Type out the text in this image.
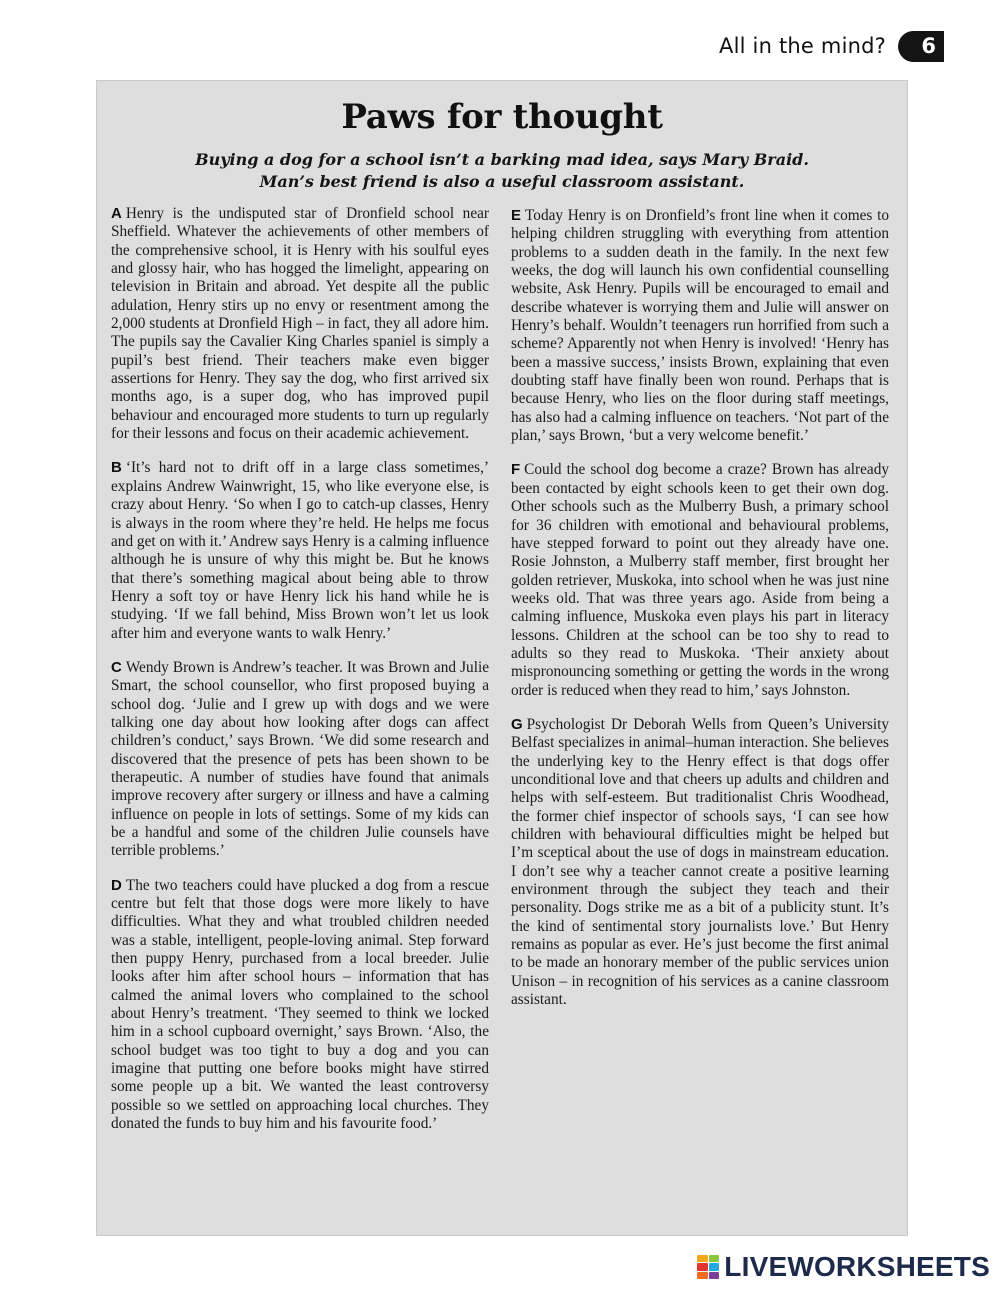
All in the mind?	6
Paws for thought
Buying a dog for a school isn’t a barking mad idea, says Mary Braid.
Man’s best friend is also a useful classroom assistant.

A Henry is the undisputed star of Dronfield school near Sheffield. Whatever the achievements of other members of the comprehensive school, it is Henry with his soulful eyes and glossy hair, who has hogged the limelight, appearing on television in Britain and abroad. Yet despite all the public adulation, Henry stirs up no envy or resentment among the 2,000 students at Dronfield High – in fact, they all adore him. The pupils say the Cavalier King Charles spaniel is simply a pupil’s best friend. Their teachers make even bigger assertions for Henry. They say the dog, who first arrived six months ago, is a super dog, who has improved pupil behaviour and encouraged more students to turn up regularly for their lessons and focus on their academic achievement.

B ‘It’s hard not to drift off in a large class sometimes,’ explains Andrew Wainwright, 15, who like everyone else, is crazy about Henry. ‘So when I go to catch-up classes, Henry is always in the room where they’re held. He helps me focus and get on with it.’ Andrew says Henry is a calming influence although he is unsure of why this might be. But he knows that there’s something magical about being able to throw Henry a soft toy or have Henry lick his hand while he is studying. ‘If we fall behind, Miss Brown won’t let us look after him and everyone wants to walk Henry.’

C Wendy Brown is Andrew’s teacher. It was Brown and Julie Smart, the school counsellor, who first proposed buying a school dog. ‘Julie and I grew up with dogs and we were talking one day about how looking after dogs can affect children’s conduct,’ says Brown. ‘We did some research and discovered that the presence of pets has been shown to be therapeutic. A number of studies have found that animals improve recovery after surgery or illness and have a calming influence on people in lots of settings. Some of my kids can be a handful and some of the children Julie counsels have terrible problems.’

D The two teachers could have plucked a dog from a rescue centre but felt that those dogs were more likely to have difficulties. What they and what troubled children needed was a stable, intelligent, people-loving animal. Step forward then puppy Henry, purchased from a local breeder. Julie looks after him after school hours – information that has calmed the animal lovers who complained to the school about Henry’s treatment. ‘They seemed to think we locked him in a school cupboard overnight,’ says Brown. ‘Also, the school budget was too tight to buy a dog and you can imagine that putting one before books might have stirred some people up a bit. We wanted the least controversy possible so we settled on approaching local churches. They donated the funds to buy him and his favourite food.’

E Today Henry is on Dronfield’s front line when it comes to helping children struggling with everything from attention problems to a sudden death in the family. In the next few weeks, the dog will launch his own confidential counselling website, Ask Henry. Pupils will be encouraged to email and describe whatever is worrying them and Julie will answer on Henry’s behalf. Wouldn’t teenagers run horrified from such a scheme? Apparently not when Henry is involved! ‘Henry has been a massive success,’ insists Brown, explaining that even doubting staff have finally been won round. Perhaps that is because Henry, who lies on the floor during staff meetings, has also had a calming influence on teachers. ‘Not part of the plan,’ says Brown, ‘but a very welcome benefit.’

F Could the school dog become a craze? Brown has already been contacted by eight schools keen to get their own dog. Other schools such as the Mulberry Bush, a primary school for 36 children with emotional and behavioural problems, have stepped forward to point out they already have one. Rosie Johnston, a Mulberry staff member, first brought her golden retriever, Muskoka, into school when he was just nine weeks old. That was three years ago. Aside from being a calming influence, Muskoka even plays his part in literacy lessons. Children at the school can be too shy to read to adults so they read to Muskoka. ‘Their anxiety about mispronouncing something or getting the words in the wrong order is reduced when they read to him,’ says Johnston.

G Psychologist Dr Deborah Wells from Queen’s University Belfast specializes in animal–human interaction. She believes the underlying key to the Henry effect is that dogs offer unconditional love and that cheers up adults and children and helps with self-esteem. But traditionalist Chris Woodhead, the former chief inspector of schools says, ‘I can see how children with behavioural difficulties might be helped but I’m sceptical about the use of dogs in mainstream education. I don’t see why a teacher cannot create a positive learning environment through the subject they teach and their personality. Dogs strike me as a bit of a publicity stunt. It’s the kind of sentimental story journalists love.’ But Henry remains as popular as ever. He’s just become the first animal to be made an honorary member of the public services union Unison – in recognition of his services as a canine classroom assistant.

LIVEWORKSHEETS
